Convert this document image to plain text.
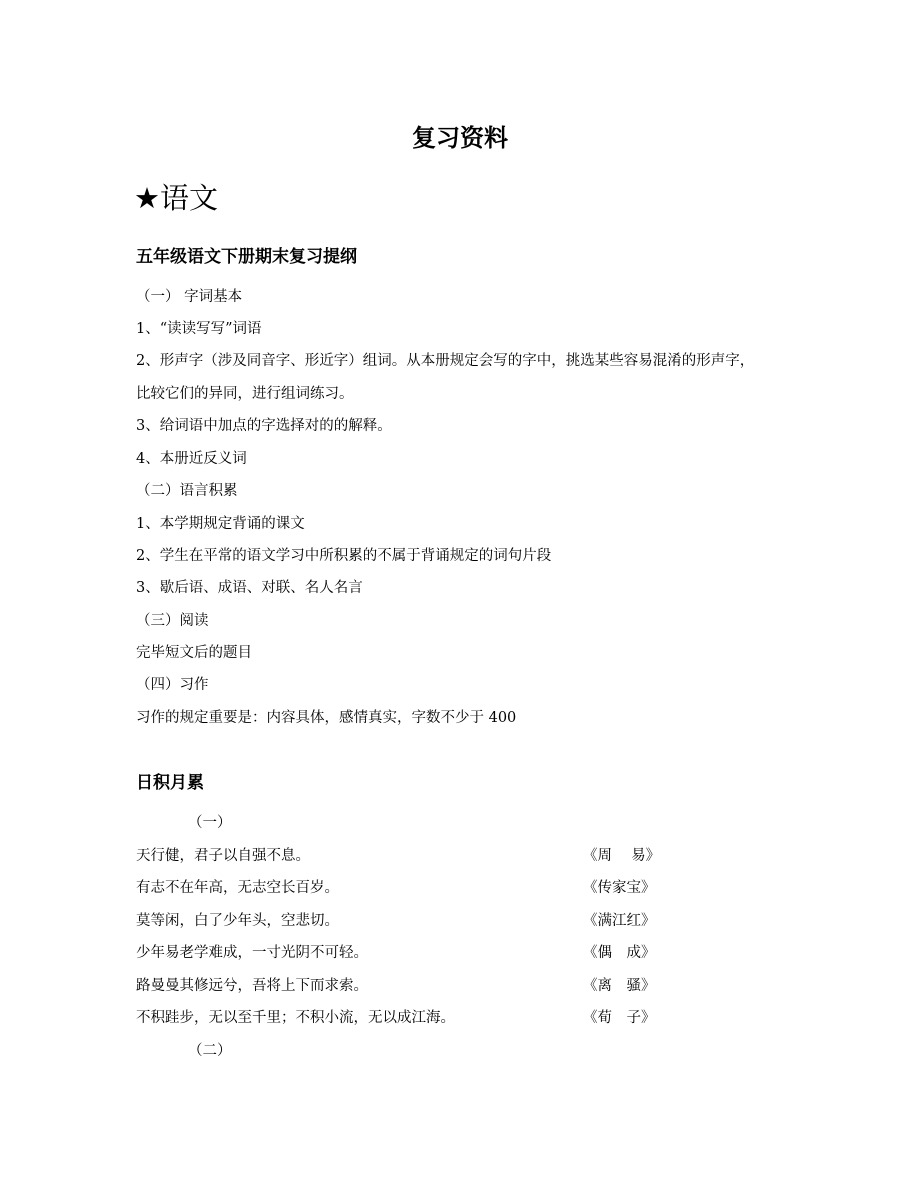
复习资料
★语文
五年级语文下册期末复习提纲
（一） 字词基本
1、“读读写写”词语
2、形声字（涉及同音字、形近字）组词。从本册规定会写的字中，挑选某些容易混淆的形声字，
比较它们的异同，进行组词练习。
3、给词语中加点的字选择对的的解释。
4、本册近反义词
（二）语言积累
1、本学期规定背诵的课文
2、学生在平常的语文学习中所积累的不属于背诵规定的词句片段
3、歇后语、成语、对联、名人名言
（三）阅读
完毕短文后的题目
（四）习作
习作的规定重要是：内容具体，感情真实，字数不少于 400
日积月累
（一）
天行健，君子以自强不息。	《周　 易》
有志不在年高，无志空长百岁。	《传家宝》
莫等闲，白了少年头，空悲切。	《满江红》
少年易老学难成，一寸光阴不可轻。	《偶　成》
路曼曼其修远兮，吾将上下而求索。	《离　骚》
不积跬步，无以至千里；不积小流，无以成江海。	《荀　子》
（二）
